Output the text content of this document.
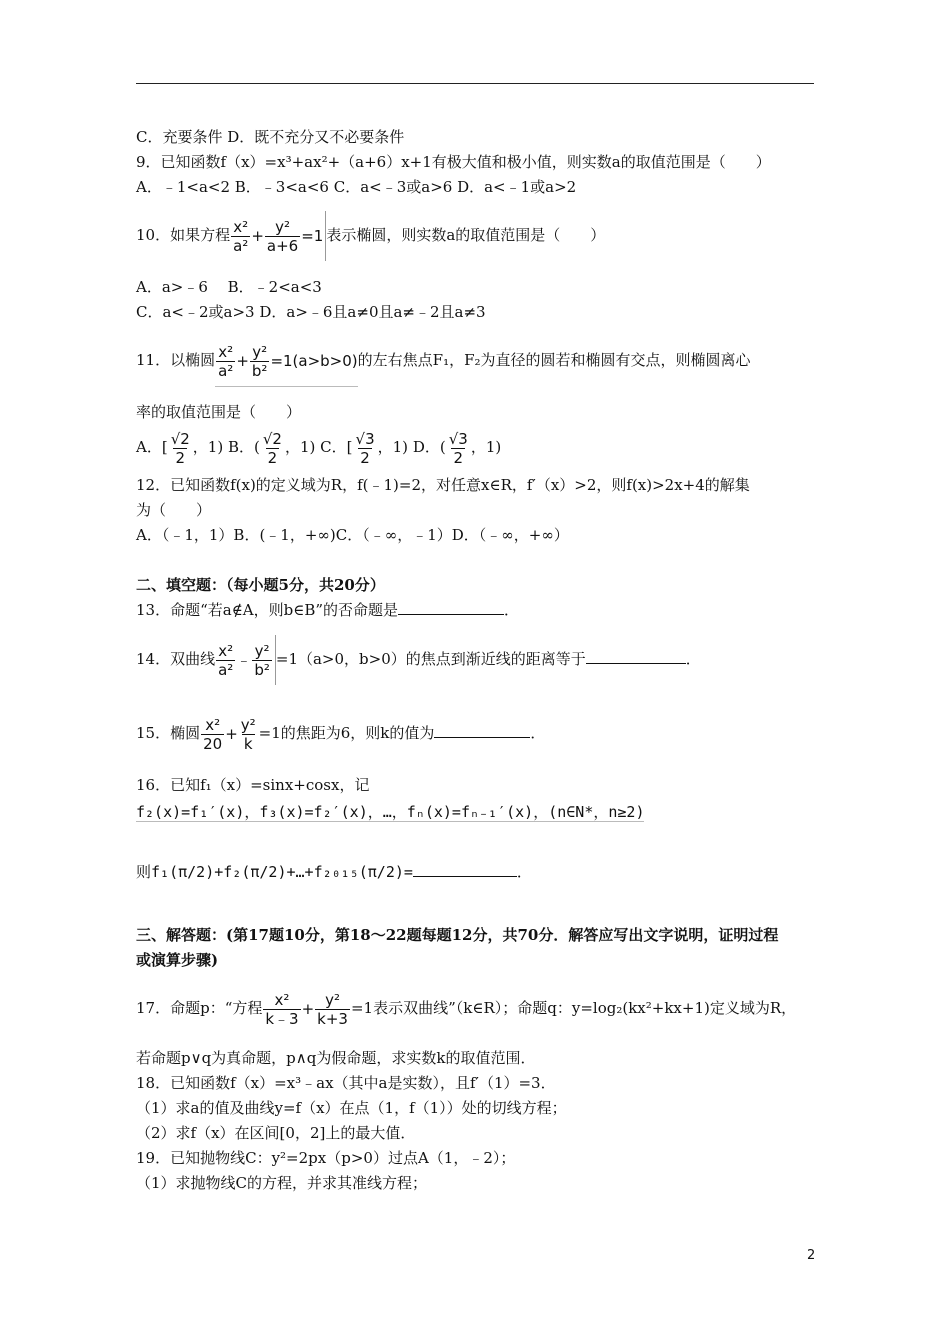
C．充要条件 D．既不充分又不必要条件
9．已知函数f（x）=x³+ax²+（a+6）x+1有极大值和极小值，则实数a的取值范围是（　　）
A．﹣1<a<2 B．﹣3<a<6 C．a<﹣3或a>6 D．a<﹣1或a>2
10．如果方程 $\frac{\text{x²}}{\text{a²}} + \frac{\text{y²}}{a+6} =1$ 表示椭圆，则实数a的取值范围是（　　）
A．a>﹣6　 B．﹣2<a<3
C．a<﹣2或a>3 D．a>﹣6且a≠0且a≠﹣2且a≠3
11．以椭圆 $\frac{\text{x²}}{\text{a²}} + \frac{\text{y²}}{\text{b²}} =1(a>b>0)$的左右焦点F₁，F₂为直径的圆若和椭圆有交点，则椭圆离心
率的取值范围是（　　）
A．[ $\frac{√2}{2}$ ，1) B．( $\frac{√2}{2}$ ，1) C．[ $\frac{√3}{2}$ ，1) D．( $\frac{√3}{2}$ ，1)
12．已知函数f(x)的定义域为R，f(﹣1)=2，对任意x∈R，f′（x）>2，则f(x)>2x+4的解集
为（　　）
A．（﹣1，1）B．(﹣1，+∞)C．（﹣∞，﹣1）D．（﹣∞，+∞）
二、填空题：（每小题5分，共20分）
13．命题“若a∉A，则b∈B”的否命题是	．
14．双曲线 $\frac{\text{x²}}{\text{a²}}$ ﹣ $\frac{\text{y²}}{\text{b²}} =1(a>0$，b>0）的焦点到渐近线的距离等于	．
15．椭圆 $\frac{\text{x²}}{20} + \frac{\text{y²}}{k} =1$的焦距为6，则k的值为	．
16．已知f₁（x）=sinx+cosx，记
f₂(x)=f₁′(x)，f₃(x)=f₂′(x)，…，fₙ(x)=fₙ₋₁′(x)，(n∈N*，n≥2)
则f₁(π/2)+f₂(π/2)+…+f₂₀₁₅(π/2)=	．
三、解答题：(第17题10分，第18～22题每题12分，共70分．解答应写出文字说明，证明过程
或演算步骤)
17．命题p：“方程 $\frac{\text{x²}}{k﹣3} + \frac{\text{y²}}{k+3} =1$表示双曲线”（k∈R）；命题q：y=log₂(kx²+kx+1)定义域为R，
若命题p∨q为真命题，p∧q为假命题，求实数k的取值范围．
18．已知函数f（x）=x³﹣ax（其中a是实数），且f′（1）=3．
（1）求a的值及曲线y=f（x）在点（1，f（1））处的切线方程；
（2）求f（x）在区间[0，2]上的最大值．
19．已知抛物线C：y²=2px（p>0）过点A（1，﹣2）；
（1）求抛物线C的方程，并求其准线方程；
2
